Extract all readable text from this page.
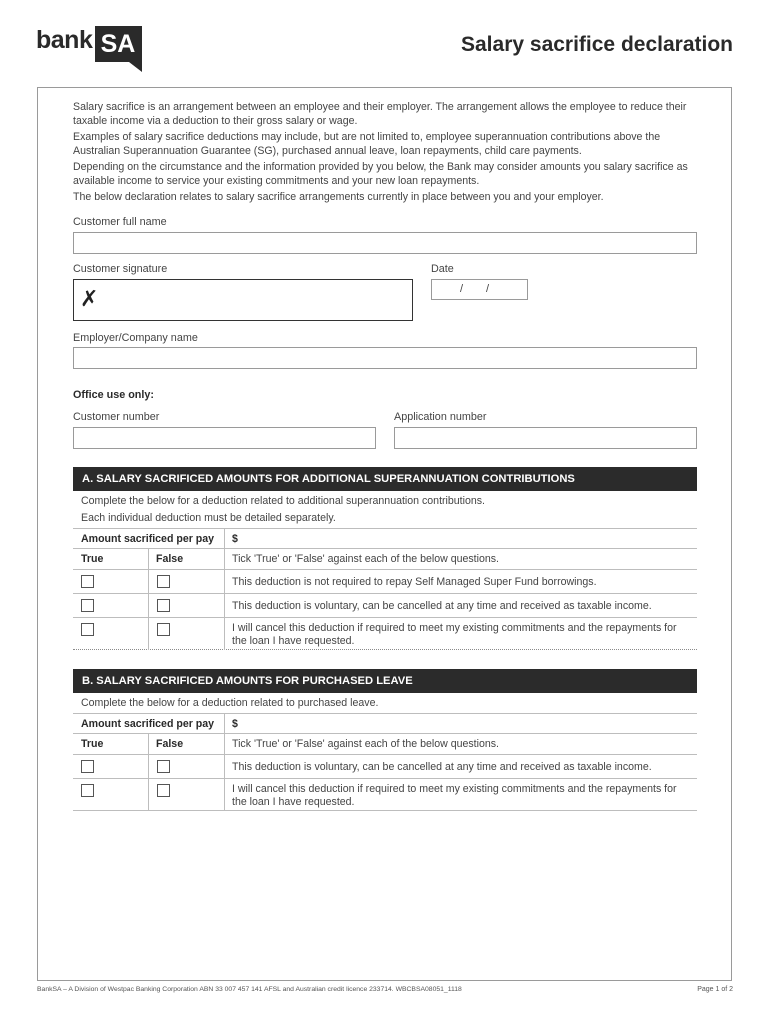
bank SA	Salary sacrifice declaration

Salary sacrifice is an arrangement between an employee and their employer. The arrangement allows the employee to reduce their taxable income via a deduction to their gross salary or wage.

Examples of salary sacrifice deductions may include, but are not limited to, employee superannuation contributions above the Australian Superannuation Guarantee (SG), purchased annual leave, loan repayments, child care payments.

Depending on the circumstance and the information provided by you below, the Bank may consider amounts you salary sacrifice as available income to service your existing commitments and your new loan repayments.

The below declaration relates to salary sacrifice arrangements currently in place between you and your employer.

Customer full name
Customer signature
✗
Date
/ /
Employer/Company name
Office use only:
Customer number	Application number
A. SALARY SACRIFICED AMOUNTS FOR ADDITIONAL SUPERANNUATION CONTRIBUTIONS
Complete the below for a deduction related to additional superannuation contributions.
Each individual deduction must be detailed separately.
Amount sacrificed per pay $
True	False	Tick 'True' or 'False' against each of the below questions.
This deduction is not required to repay Self Managed Super Fund borrowings.
This deduction is voluntary, can be cancelled at any time and received as taxable income.
I will cancel this deduction if required to meet my existing commitments and the repayments for the loan I have requested.
B. SALARY SACRIFICED AMOUNTS FOR PURCHASED LEAVE
Complete the below for a deduction related to purchased leave.
Amount sacrificed per pay $
True	False	Tick 'True' or 'False' against each of the below questions.
This deduction is voluntary, can be cancelled at any time and received as taxable income.
I will cancel this deduction if required to meet my existing commitments and the repayments for the loan I have requested.
BankSA – A Division of Westpac Banking Corporation ABN 33 007 457 141 AFSL and Australian credit licence 233714. WBCBSA08051_1118	Page 1 of 2
